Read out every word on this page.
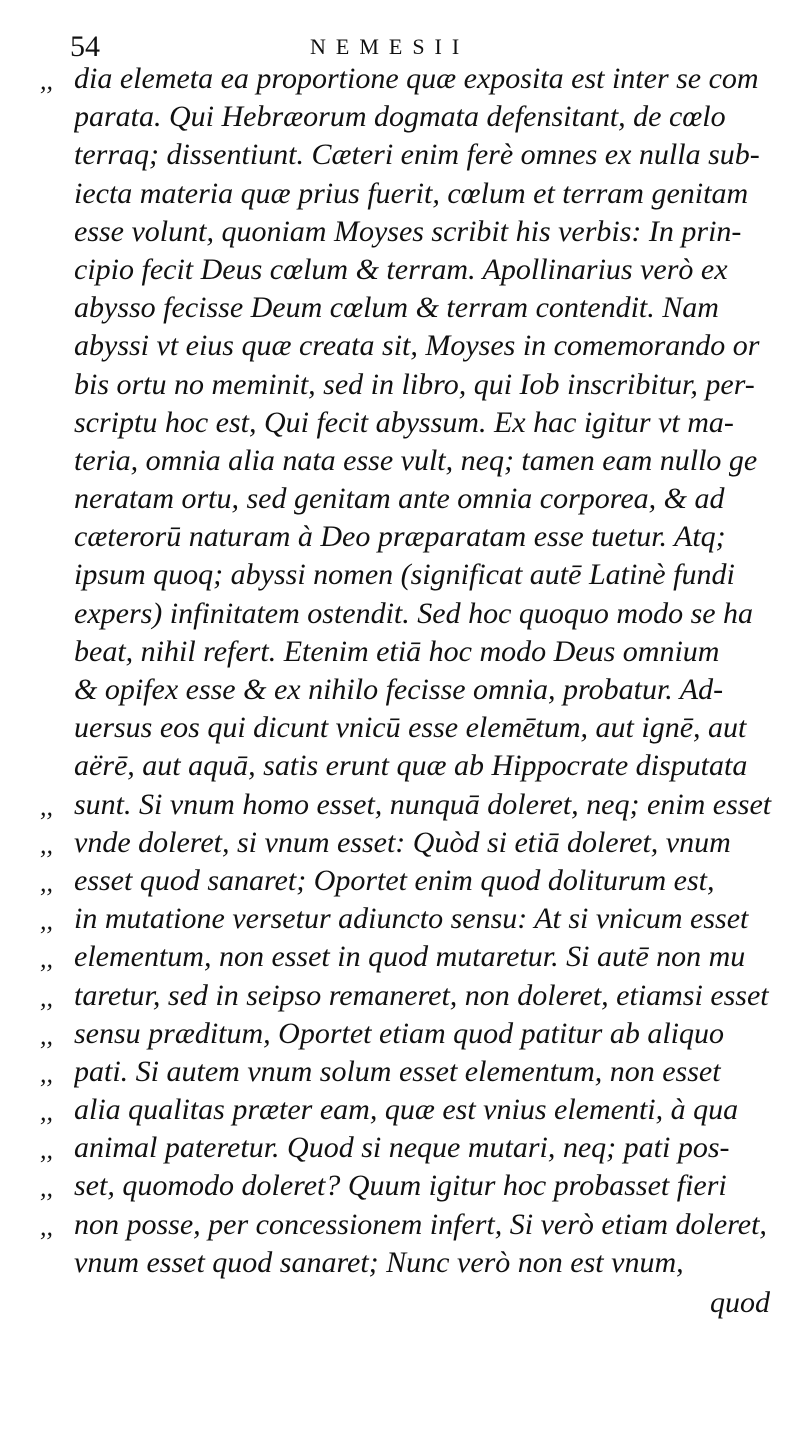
54	NEMESII
,, dia elemeta ea proportione quæ exposita est inter se com
parata. Qui Hebræorum dogmata defensitant, de cœlo
terraq; dissentiunt. Cæteri enim ferè omnes ex nulla sub-
iecta materia quæ prius fuerit, cœlum et terram genitam
esse volunt, quoniam Moyses scribit his verbis: In prin-
cipio fecit Deus cœlum & terram. Apollinarius verò ex
abysso fecisse Deum cœlum & terram contendit. Nam
abyssi vt eius quæ creata sit, Moyses in comemorando or
bis ortu no meminit, sed in libro, qui Iob inscribitur, per-
scriptu hoc est, Qui fecit abyssum. Ex hac igitur vt ma-
teria, omnia alia nata esse vult, neq; tamen eam nullo ge
neratam ortu, sed genitam ante omnia corporea, & ad
cæterorū naturam à Deo præparatam esse tuetur. Atq;
ipsum quoq; abyssi nomen (significat autē Latinè fundi
expers) infinitatem ostendit. Sed hoc quoquo modo se ha
beat, nihil refert. Etenim etiā hoc modo Deus omnium
& opifex esse & ex nihilo fecisse omnia, probatur. Ad-
uersus eos qui dicunt vnicū esse elemētum, aut ignē, aut
aërē, aut aquā, satis erunt quæ ab Hippocrate disputata
,, sunt. Si vnum homo esset, nunquā doleret, neq; enim esset
,, vnde doleret, si vnum esset: Quòd si etiā doleret, vnum
,, esset quod sanaret; Oportet enim quod doliturum est,
,, in mutatione versetur adiuncto sensu: At si vnicum esset
,, elementum, non esset in quod mutaretur. Si autē non mu
,, taretur, sed in seipso remaneret, non doleret, etiamsi esset
,, sensu præditum, Oportet etiam quod patitur ab aliquo
,, pati. Si autem vnum solum esset elementum, non esset
,, alia qualitas præter eam, quæ est vnius elementi, à qua
,, animal pateretur. Quod si neque mutari, neq; pati pos-
,, set, quomodo doleret? Quum igitur hoc probasset fieri
,, non posse, per concessionem infert, Si verò etiam doleret,
vnum esset quod sanaret; Nunc verò non est vnum,
quod
